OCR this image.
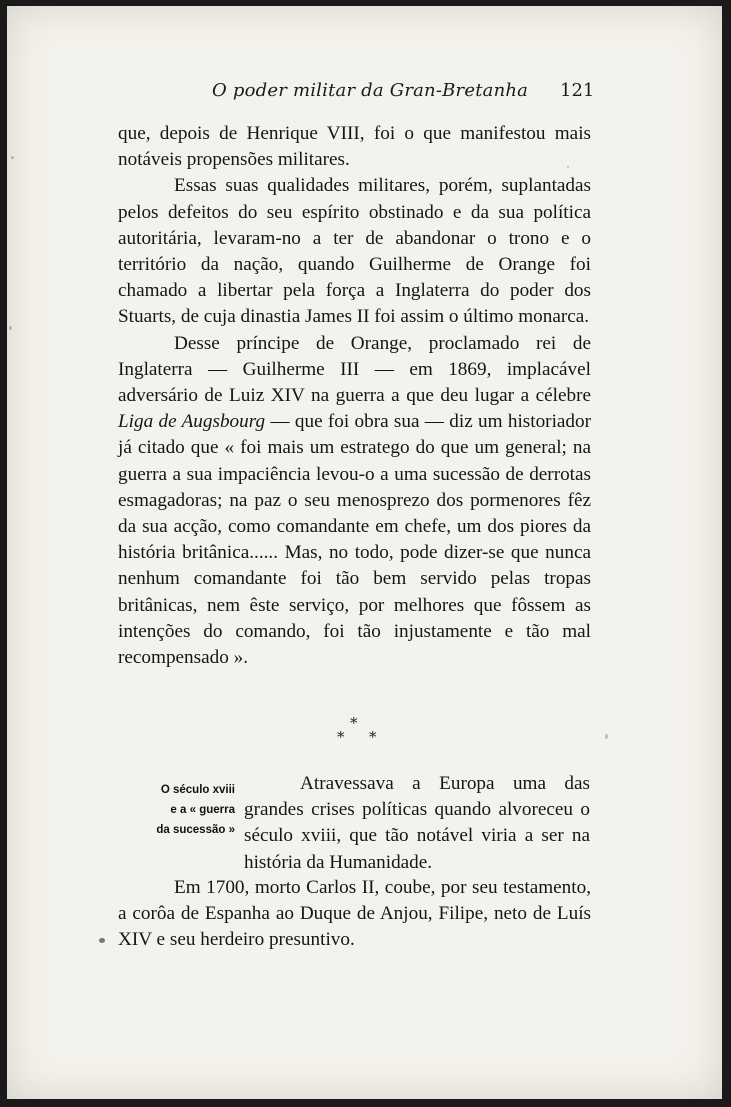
O poder militar da Gran-Bretanha 121

que, depois de Henrique VIII, foi o que manifestou mais notáveis propensões militares.

Essas suas qualidades militares, porém, suplantadas pelos defeitos do seu espírito obstinado e da sua política autoritária, levaram-no a ter de abandonar o trono e o território da nação, quando Guilherme de Orange foi chamado a libertar pela força a Inglaterra do poder dos Stuarts, de cuja dinastia James II foi assim o último monarca.

Desse príncipe de Orange, proclamado rei de Inglaterra — Guilherme III — em 1869, implacável adversário de Luiz XIV na guerra a que deu lugar a célebre Liga de Augsbourg — que foi obra sua — diz um historiador já citado que « foi mais um estratego do que um general; na guerra a sua impaciência levou-o a uma sucessão de derrotas esmagadoras; na paz o seu menosprezo dos pormenores fêz da sua acção, como comandante em chefe, um dos piores da história britânica...... Mas, no todo, pode dizer-se que nunca nenhum comandante foi tão bem servido pelas tropas britânicas, nem êste serviço, por melhores que fôssem as intenções do comando, foi tão injustamente e tão mal recompensado ».

*
* *
O século xviii
e a « guerra
da sucessão »

Atravessava a Europa uma das grandes crises políticas quando alvoreceu o século xviii, que tão notável viria a ser na história da Humanidade.

Em 1700, morto Carlos II, coube, por seu testamento, a corôa de Espanha ao Duque de Anjou, Filipe, neto de Luís XIV e seu herdeiro presuntivo.
